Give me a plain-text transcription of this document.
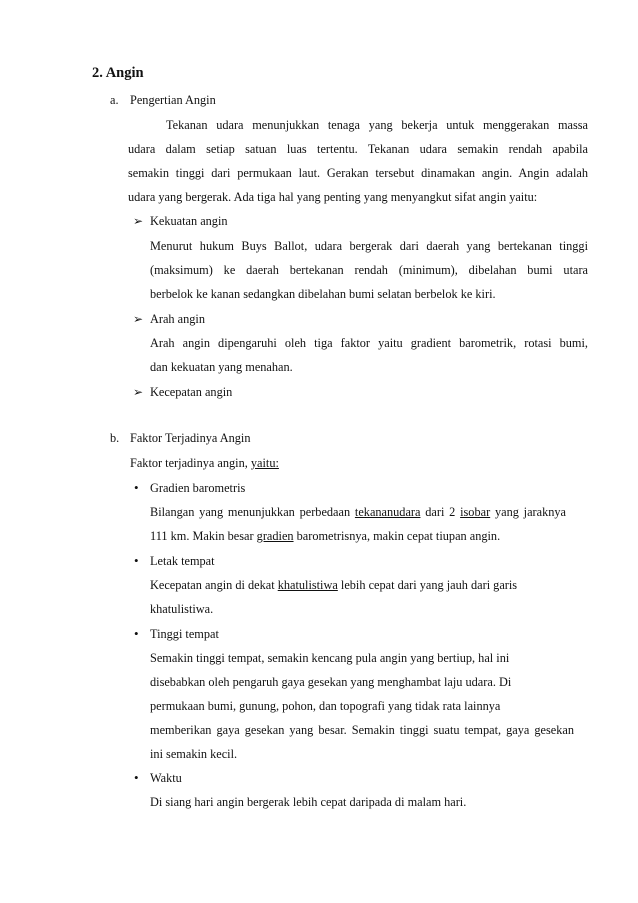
2. Angin
a. Pengertian Angin
Tekanan udara menunjukkan tenaga yang bekerja untuk menggerakan massa
udara dalam setiap satuan luas tertentu. Tekanan udara semakin rendah apabila
semakin tinggi dari permukaan laut. Gerakan tersebut dinamakan angin. Angin adalah
udara yang bergerak. Ada tiga hal yang penting yang menyangkut sifat angin yaitu:
➢ Kekuatan angin
Menurut hukum Buys Ballot, udara bergerak dari daerah yang bertekanan tinggi
(maksimum) ke daerah bertekanan rendah (minimum), dibelahan bumi utara
berbelok ke kanan sedangkan dibelahan bumi selatan berbelok ke kiri.
➢ Arah angin
Arah angin dipengaruhi oleh tiga faktor yaitu gradient barometrik, rotasi bumi,
dan kekuatan yang menahan.
➢ Kecepatan angin
b. Faktor Terjadinya Angin
Faktor terjadinya angin, yaitu:
• Gradien barometris
Bilangan yang menunjukkan perbedaan tekananudara dari 2 isobar yang jaraknya
111 km. Makin besar gradien barometrisnya, makin cepat tiupan angin.
• Letak tempat
Kecepatan angin di dekat khatulistiwa lebih cepat dari yang jauh dari garis
khatulistiwa.
• Tinggi tempat
Semakin tinggi tempat, semakin kencang pula angin yang bertiup, hal ini
disebabkan oleh pengaruh gaya gesekan yang menghambat laju udara. Di
permukaan bumi, gunung, pohon, dan topografi yang tidak rata lainnya
memberikan gaya gesekan yang besar. Semakin tinggi suatu tempat, gaya gesekan
ini semakin kecil.
• Waktu
Di siang hari angin bergerak lebih cepat daripada di malam hari.
